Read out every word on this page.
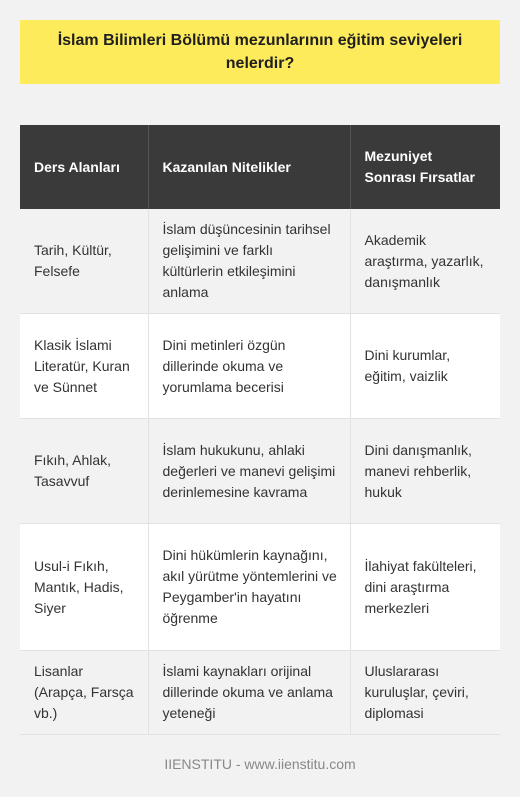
İslam Bilimleri Bölümü mezunlarının eğitim seviyeleri nelerdir?
Ders Alanları	Kazanılan Nitelikler	Mezuniyet Sonrası Fırsatlar
Tarih, Kültür, Felsefe	İslam düşüncesinin tarihsel gelişimini ve farklı kültürlerin etkileşimini anlama	Akademik araştırma, yazarlık, danışmanlık
Klasik İslami Literatür, Kuran ve Sünnet	Dini metinleri özgün dillerinde okuma ve yorumlama becerisi	Dini kurumlar, eğitim, vaizlik
Fıkıh, Ahlak, Tasavvuf	İslam hukukunu, ahlaki değerleri ve manevi gelişimi derinlemesine kavrama	Dini danışmanlık, manevi rehberlik, hukuk
Usul-i Fıkıh, Mantık, Hadis, Siyer	Dini hükümlerin kaynağını, akıl yürütme yöntemlerini ve Peygamber'in hayatını öğrenme	İlahiyat fakülteleri, dini araştırma merkezleri
Lisanlar (Arapça, Farsça vb.)	İslami kaynakları orijinal dillerinde okuma ve anlama yeteneği	Uluslararası kuruluşlar, çeviri, diplomasi
IIENSTITU - www.iienstitu.com
